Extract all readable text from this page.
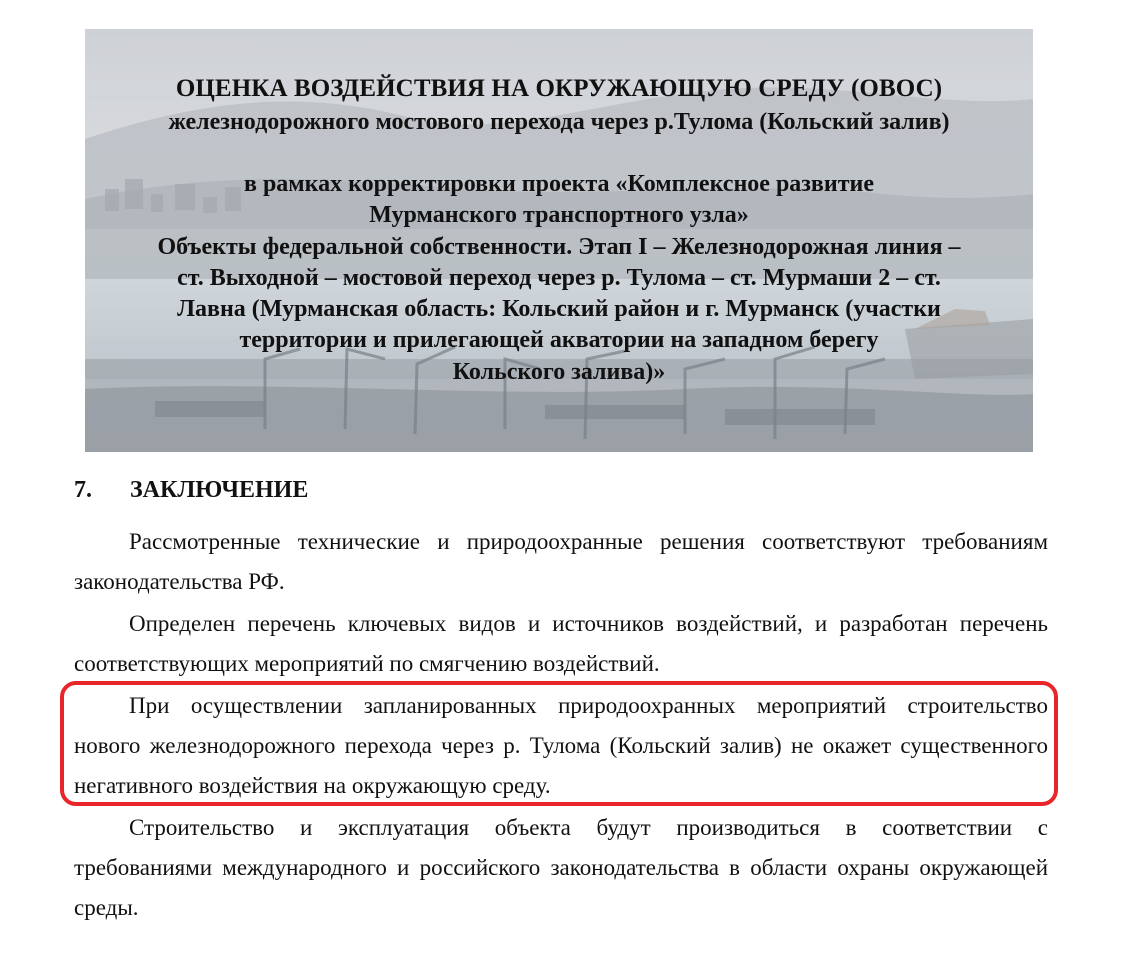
ОЦЕНКА ВОЗДЕЙСТВИЯ НА ОКРУЖАЮЩУЮ СРЕДУ (ОВОС)
железнодорожного мостового перехода через р.Тулома (Кольский залив)
в рамках корректировки проекта «Комплексное развитие
Мурманского транспортного узла»
Объекты федеральной собственности. Этап I – Железнодорожная линия –
ст. Выходной – мостовой переход через р. Тулома – ст. Мурмаши 2 – ст.
Лавна (Мурманская область: Кольский район и г. Мурманск (участки
территории и прилегающей акватории на западном берегу
Кольского залива)»
7. ЗАКЛЮЧЕНИЕ
Рассмотренные технические и природоохранные решения соответствуют требованиям
законодательства РФ.
Определен перечень ключевых видов и источников воздействий, и разработан перечень
соответствующих мероприятий по смягчению воздействий.
При осуществлении запланированных природоохранных мероприятий строительство
нового железнодорожного перехода через р. Тулома (Кольский залив) не окажет существенного
негативного воздействия на окружающую среду.
Строительство и эксплуатация объекта будут производиться в соответствии с
требованиями международного и российского законодательства в области охраны окружающей
среды.
